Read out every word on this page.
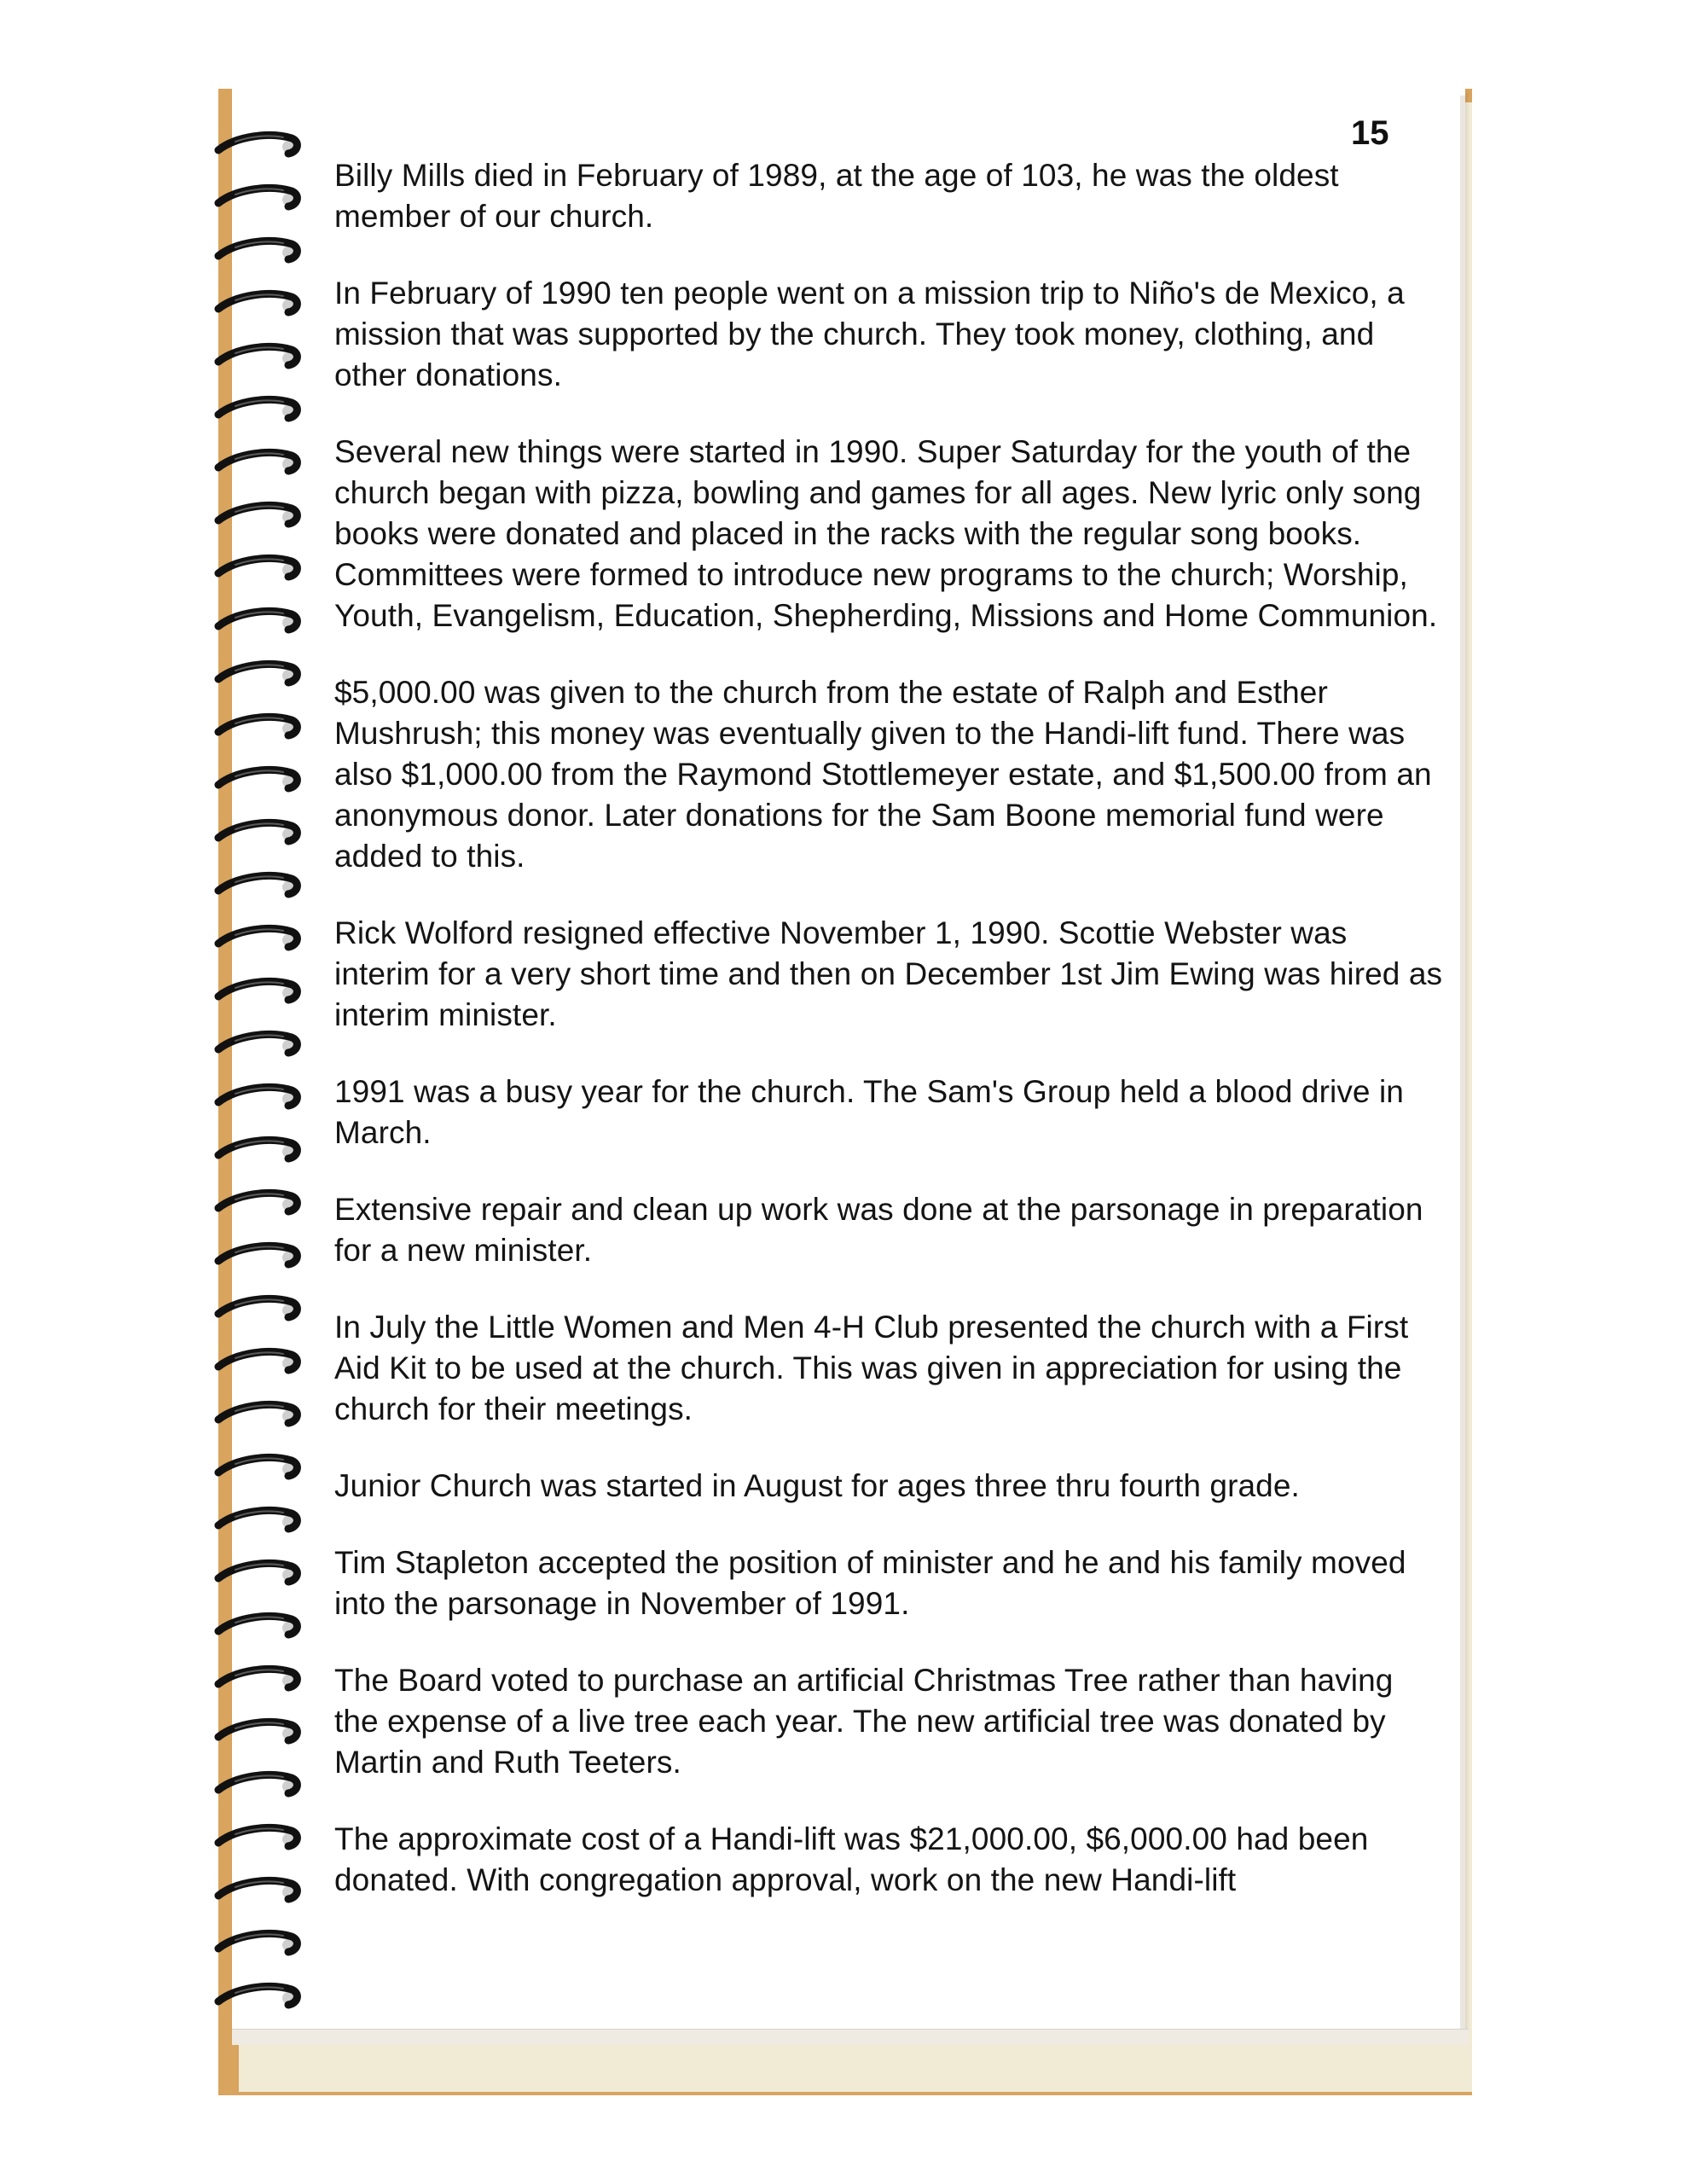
15

Billy Mills died in February of 1989, at the age of 103, he was the oldest member of our church.

In February of 1990 ten people went on a mission trip to Niño's de Mexico, a mission that was supported by the church. They took money, clothing, and other donations.

Several new things were started in 1990. Super Saturday for the youth of the church began with pizza, bowling and games for all ages. New lyric only song books were donated and placed in the racks with the regular song books. Committees were formed to introduce new programs to the church; Worship, Youth, Evangelism, Education, Shepherding, Missions and Home Communion.

$5,000.00 was given to the church from the estate of Ralph and Esther Mushrush; this money was eventually given to the Handi-lift fund. There was also $1,000.00 from the Raymond Stottlemeyer estate, and $1,500.00 from an anonymous donor. Later donations for the Sam Boone memorial fund were added to this.

Rick Wolford resigned effective November 1, 1990. Scottie Webster was interim for a very short time and then on December 1st Jim Ewing was hired as interim minister.

1991 was a busy year for the church. The Sam's Group held a blood drive in March.

Extensive repair and clean up work was done at the parsonage in preparation for a new minister.

In July the Little Women and Men 4-H Club presented the church with a First Aid Kit to be used at the church. This was given in appreciation for using the church for their meetings.

Junior Church was started in August for ages three thru fourth grade.

Tim Stapleton accepted the position of minister and he and his family moved into the parsonage in November of 1991.

The Board voted to purchase an artificial Christmas Tree rather than having the expense of a live tree each year. The new artificial tree was donated by Martin and Ruth Teeters.

The approximate cost of a Handi-lift was $21,000.00, $6,000.00 had been donated. With congregation approval, work on the new Handi-lift
